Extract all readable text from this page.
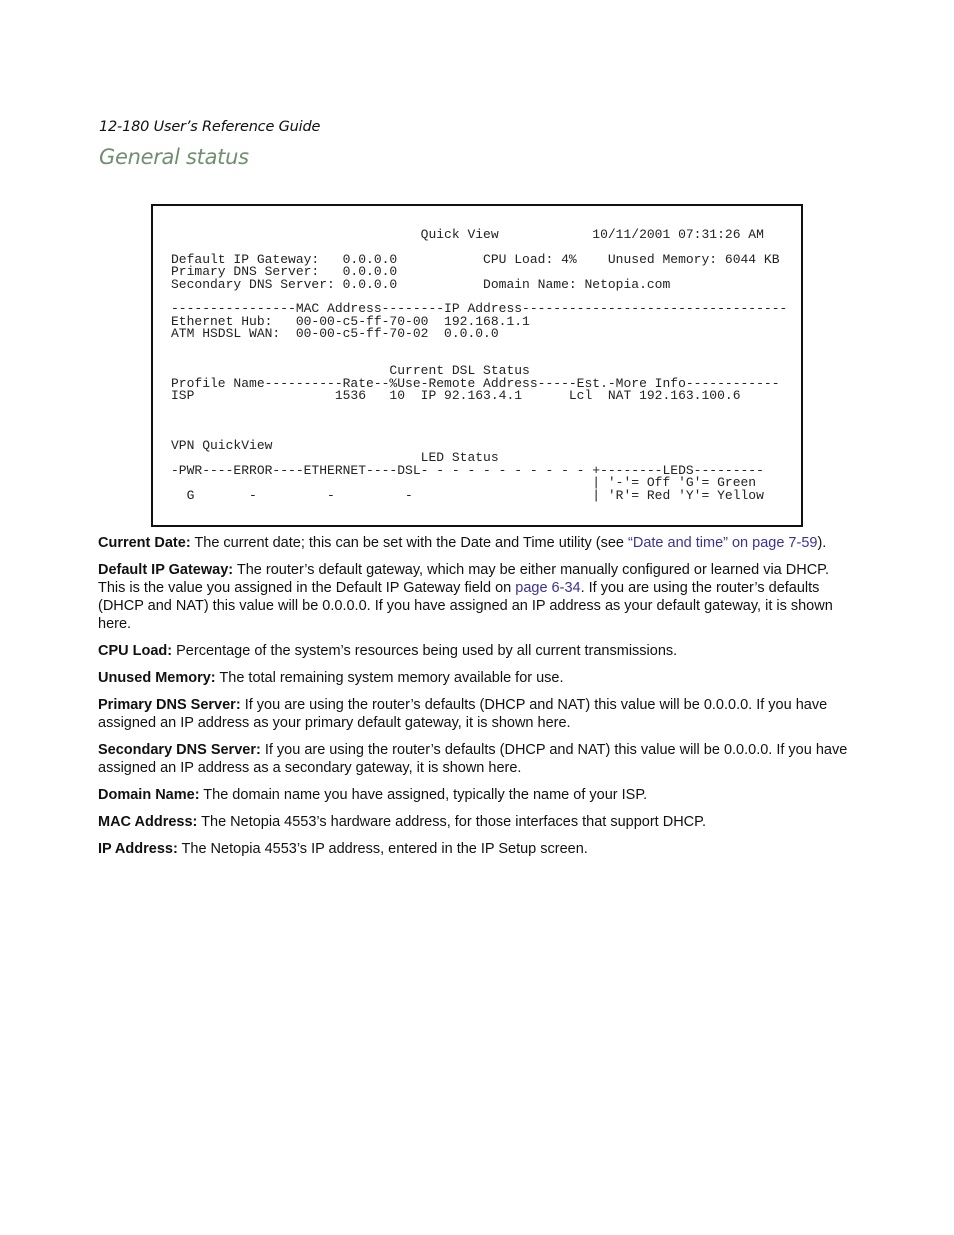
12-180 User’s Reference Guide
General status
Quick View            10/11/2001 07:31:26 AM

Default IP Gateway:   0.0.0.0           CPU Load: 4%    Unused Memory: 6044 KB
Primary DNS Server:   0.0.0.0
Secondary DNS Server: 0.0.0.0           Domain Name: Netopia.com

----------------MAC Address--------IP Address----------------------------------
Ethernet Hub:   00-00-c5-ff-70-00  192.168.1.1
ATM HSDSL WAN:  00-00-c5-ff-70-02  0.0.0.0

Current DSL Status
Profile Name----------Rate--%Use-Remote Address-----Est.-More Info------------
ISP                  1536   10  IP 92.163.4.1      Lcl  NAT 192.163.100.6

VPN QuickView
LED Status
-PWR----ERROR----ETHERNET----DSL- - - - - - - - - - - +--------LEDS---------
| '-'= Off 'G'= Green
G       -         -         -                       | 'R'= Red 'Y'= Yellow

Current Date: The current date; this can be set with the Date and Time utility (see “Date and time” on page 7-59).

Default IP Gateway: The router’s default gateway, which may be either manually configured or learned via DHCP. This is the value you assigned in the Default IP Gateway field on page 6-34. If you are using the router’s defaults (DHCP and NAT) this value will be 0.0.0.0. If you have assigned an IP address as your default gateway, it is shown here.

CPU Load: Percentage of the system’s resources being used by all current transmissions.

Unused Memory: The total remaining system memory available for use.

Primary DNS Server: If you are using the router’s defaults (DHCP and NAT) this value will be 0.0.0.0. If you have assigned an IP address as your primary default gateway, it is shown here.

Secondary DNS Server: If you are using the router’s defaults (DHCP and NAT) this value will be 0.0.0.0. If you have assigned an IP address as a secondary gateway, it is shown here.

Domain Name: The domain name you have assigned, typically the name of your ISP.

MAC Address: The Netopia 4553’s hardware address, for those interfaces that support DHCP.

IP Address: The Netopia 4553’s IP address, entered in the IP Setup screen.
